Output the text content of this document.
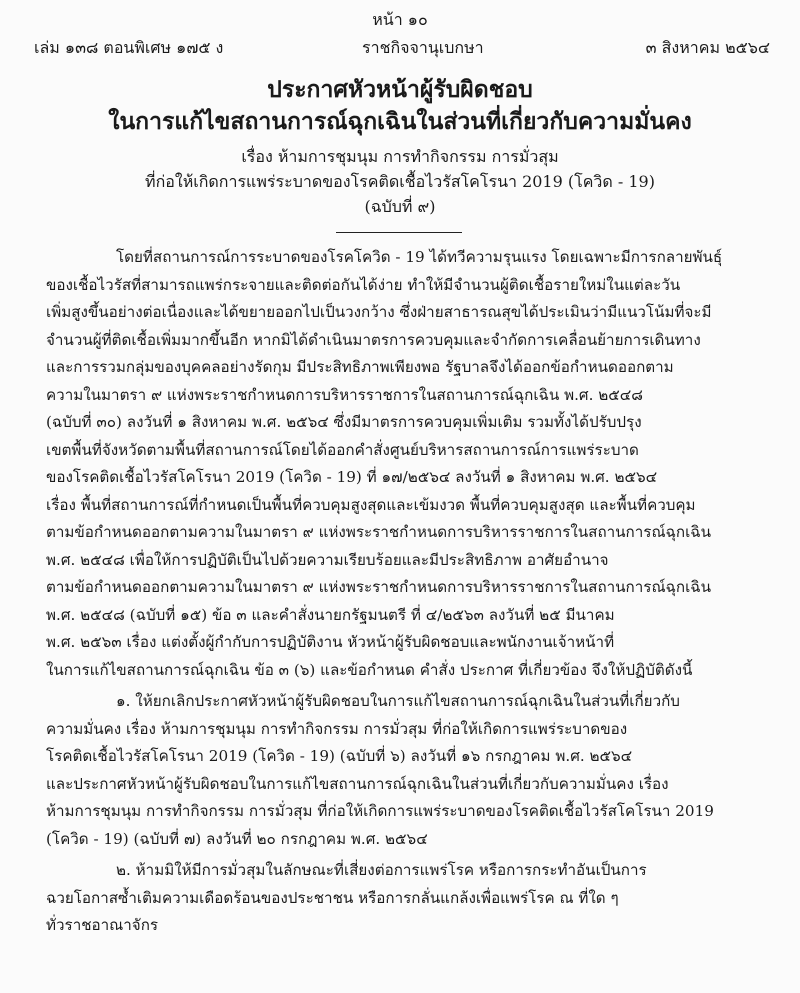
หน้า ๑๐
เล่ม ๑๓๘ ตอนพิเศษ ๑๗๕ ง	ราชกิจจานุเบกษา	๓ สิงหาคม ๒๕๖๔

ประกาศหัวหน้าผู้รับผิดชอบ

ในการแก้ไขสถานการณ์ฉุกเฉินในส่วนที่เกี่ยวกับความมั่นคง

เรื่อง ห้ามการชุมนุม การทำกิจกรรม การมั่วสุม

ที่ก่อให้เกิดการแพร่ระบาดของโรคติดเชื้อไวรัสโคโรนา 2019 (โควิด - 19)

(ฉบับที่ ๙)

โดยที่สถานการณ์การระบาดของโรคโควิด - 19 ได้ทวีความรุนแรง โดยเฉพาะมีการกลายพันธุ์
ของเชื้อไวรัสที่สามารถแพร่กระจายและติดต่อกันได้ง่าย ทำให้มีจำนวนผู้ติดเชื้อรายใหม่ในแต่ละวัน
เพิ่มสูงขึ้นอย่างต่อเนื่องและได้ขยายออกไปเป็นวงกว้าง ซึ่งฝ่ายสาธารณสุขได้ประเมินว่ามีแนวโน้มที่จะมี
จำนวนผู้ที่ติดเชื้อเพิ่มมากขึ้นอีก หากมิได้ดำเนินมาตรการควบคุมและจำกัดการเคลื่อนย้ายการเดินทาง
และการรวมกลุ่มของบุคคลอย่างรัดกุม มีประสิทธิภาพเพียงพอ รัฐบาลจึงได้ออกข้อกำหนดออกตาม
ความในมาตรา ๙ แห่งพระราชกำหนดการบริหารราชการในสถานการณ์ฉุกเฉิน พ.ศ. ๒๕๔๘
(ฉบับที่ ๓๐) ลงวันที่ ๑ สิงหาคม พ.ศ. ๒๕๖๔ ซึ่งมีมาตรการควบคุมเพิ่มเติม รวมทั้งได้ปรับปรุง
เขตพื้นที่จังหวัดตามพื้นที่สถานการณ์โดยได้ออกคำสั่งศูนย์บริหารสถานการณ์การแพร่ระบาด
ของโรคติดเชื้อไวรัสโคโรนา 2019 (โควิด - 19) ที่ ๑๗/๒๕๖๔ ลงวันที่ ๑ สิงหาคม พ.ศ. ๒๕๖๔
เรื่อง พื้นที่สถานการณ์ที่กำหนดเป็นพื้นที่ควบคุมสูงสุดและเข้มงวด พื้นที่ควบคุมสูงสุด และพื้นที่ควบคุม
ตามข้อกำหนดออกตามความในมาตรา ๙ แห่งพระราชกำหนดการบริหารราชการในสถานการณ์ฉุกเฉิน
พ.ศ. ๒๕๔๘ เพื่อให้การปฏิบัติเป็นไปด้วยความเรียบร้อยและมีประสิทธิภาพ อาศัยอำนาจ
ตามข้อกำหนดออกตามความในมาตรา ๙ แห่งพระราชกำหนดการบริหารราชการในสถานการณ์ฉุกเฉิน
พ.ศ. ๒๕๔๘ (ฉบับที่ ๑๕) ข้อ ๓ และคำสั่งนายกรัฐมนตรี ที่ ๔/๒๕๖๓ ลงวันที่ ๒๕ มีนาคม
พ.ศ. ๒๕๖๓ เรื่อง แต่งตั้งผู้กำกับการปฏิบัติงาน หัวหน้าผู้รับผิดชอบและพนักงานเจ้าหน้าที่
ในการแก้ไขสถานการณ์ฉุกเฉิน ข้อ ๓ (๖) และข้อกำหนด คำสั่ง ประกาศ ที่เกี่ยวข้อง จึงให้ปฏิบัติดังนี้
๑. ให้ยกเลิกประกาศหัวหน้าผู้รับผิดชอบในการแก้ไขสถานการณ์ฉุกเฉินในส่วนที่เกี่ยวกับ
ความมั่นคง เรื่อง ห้ามการชุมนุม การทำกิจกรรม การมั่วสุม ที่ก่อให้เกิดการแพร่ระบาดของ
โรคติดเชื้อไวรัสโคโรนา 2019 (โควิด - 19) (ฉบับที่ ๖) ลงวันที่ ๑๖ กรกฎาคม พ.ศ. ๒๕๖๔
และประกาศหัวหน้าผู้รับผิดชอบในการแก้ไขสถานการณ์ฉุกเฉินในส่วนที่เกี่ยวกับความมั่นคง เรื่อง
ห้ามการชุมนุม การทำกิจกรรม การมั่วสุม ที่ก่อให้เกิดการแพร่ระบาดของโรคติดเชื้อไวรัสโคโรนา 2019
(โควิด - 19) (ฉบับที่ ๗) ลงวันที่ ๒๐ กรกฎาคม พ.ศ. ๒๕๖๔
๒. ห้ามมิให้มีการมั่วสุมในลักษณะที่เสี่ยงต่อการแพร่โรค หรือการกระทำอันเป็นการ
ฉวยโอกาสซ้ำเติมความเดือดร้อนของประชาชน หรือการกลั่นแกล้งเพื่อแพร่โรค ณ ที่ใด ๆ
ทั่วราชอาณาจักร
